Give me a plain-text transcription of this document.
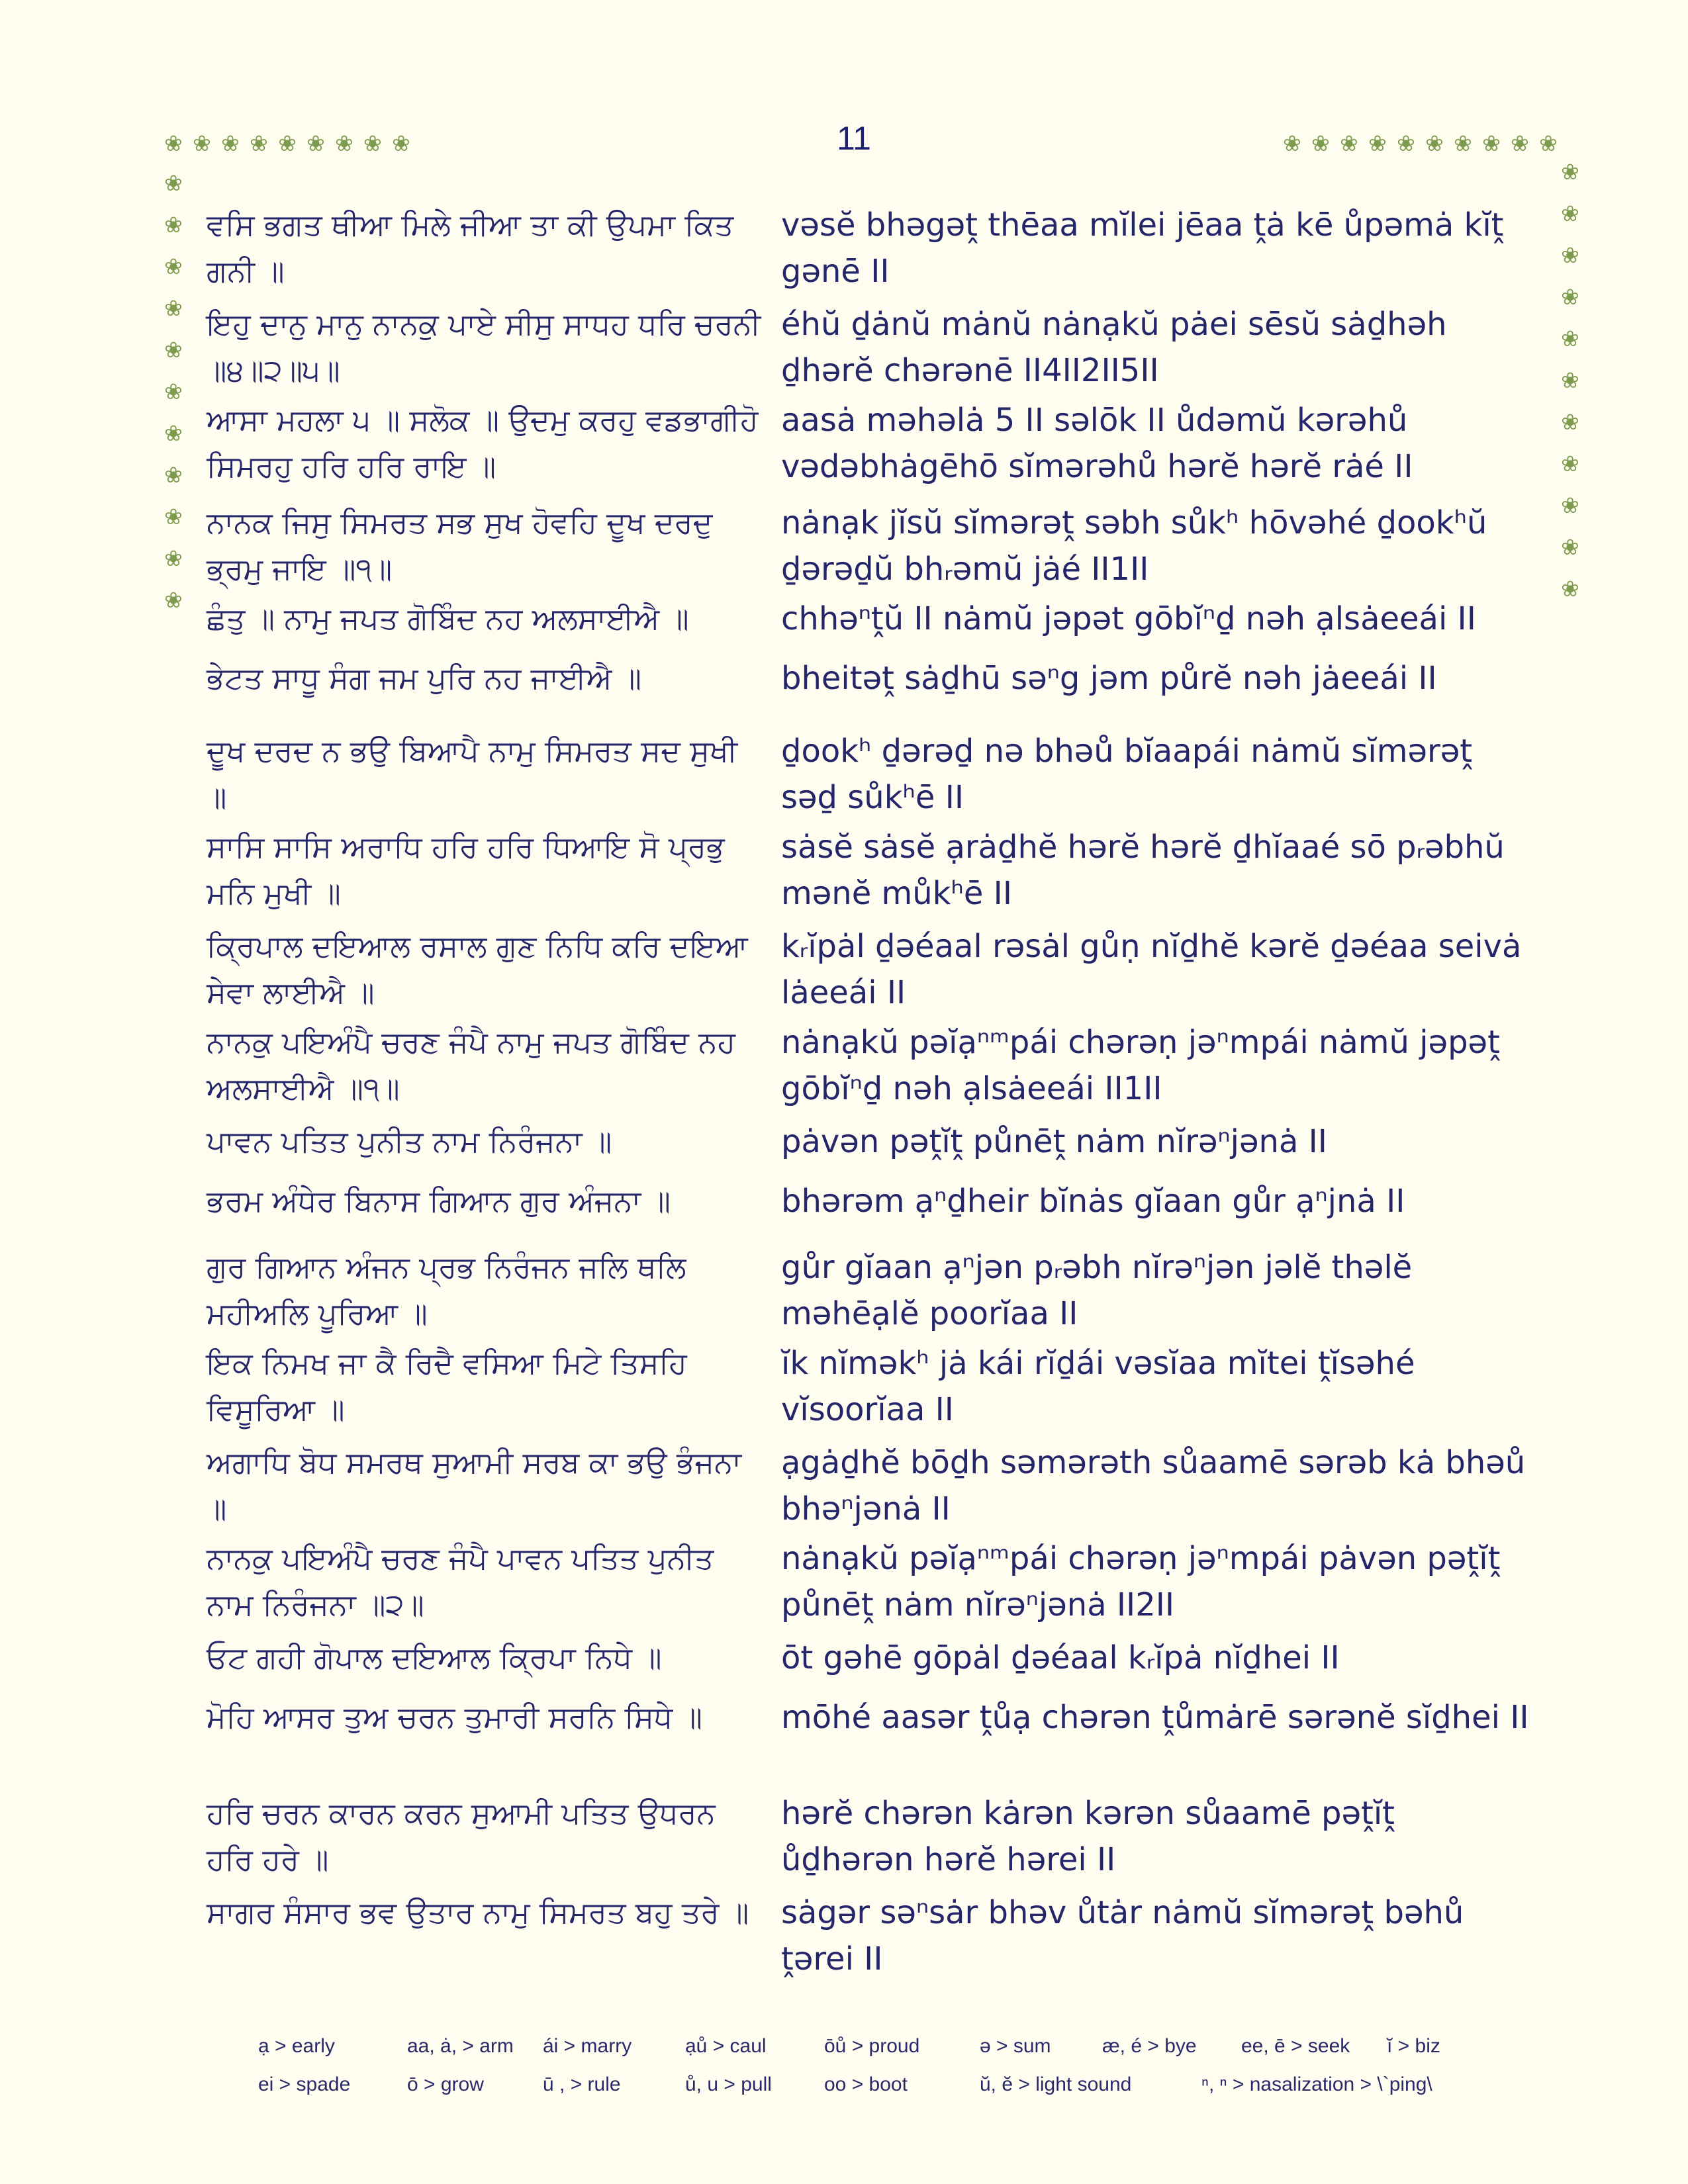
11
❀ ❀ ❀ ❀ ❀ ❀ ❀ ❀ ❀	❀ ❀ ❀ ❀ ❀ ❀ ❀ ❀ ❀ ❀
❀
❀
❀
❀
❀
❀
❀
❀
❀
❀
❀
❀
❀
❀
❀
❀
❀
❀
❀
❀
❀
❀
ਵਸਿ ਭਗਤ ਥੀਆ ਮਿਲੇ ਜੀਆ ਤਾ ਕੀ ਉਪਮਾ ਕਿਤ ਗਨੀ ॥
vəsĕ bhəgəṱ thēaa mĭlei jēaa ṱȧ kē ůpəmȧ kĭṱ gənē II
ਇਹੁ ਦਾਨੁ ਮਾਨੁ ਨਾਨਕੁ ਪਾਏ ਸੀਸੁ ਸਾਧਹ ਧਰਿ ਚਰਨੀ ॥੪॥੨॥੫॥
éhŭ ḏȧnŭ mȧnŭ nȧnạkŭ pȧei sēsŭ sȧḏhəh ḏhərĕ chərənē II4II2II5II
ਆਸਾ ਮਹਲਾ ੫ ॥ ਸਲੋਕ ॥ ਉਦਮੁ ਕਰਹੁ ਵਡਭਾਗੀਹੋ ਸਿਮਰਹੁ ਹਰਿ ਹਰਿ ਰਾਇ ॥
aasȧ məhəlȧ 5 II səlōk II ůdəmŭ kərəhů vədəbhȧgēhō sĭmərəhů hərĕ hərĕ rȧé II
ਨਾਨਕ ਜਿਸੁ ਸਿਮਰਤ ਸਭ ਸੁਖ ਹੋਵਹਿ ਦੂਖ ਦਰਦੁ ਭ੍ਰਮੁ ਜਾਇ ॥੧॥
nȧnạk jĭsŭ sĭmərəṱ səbh sůkʰ hōvəhé ḏookʰŭ ḏərəḏŭ bhᵣəmŭ jȧé II1II
ਛੰਤੁ ॥ ਨਾਮੁ ਜਪਤ ਗੋਬਿੰਦ ਨਹ ਅਲਸਾਈਐ ॥	chhəⁿṱŭ II nȧmŭ jəpət gōbĭⁿḏ nəh ạlsȧeeái II
ਭੇਟਤ ਸਾਧੂ ਸੰਗ ਜਮ ਪੁਰਿ ਨਹ ਜਾਈਐ ॥	bheitəṱ sȧḏhū səⁿg jəm půrĕ nəh jȧeeái II
ਦੂਖ ਦਰਦ ਨ ਭਉ ਬਿਆਪੈ ਨਾਮੁ ਸਿਮਰਤ ਸਦ ਸੁਖੀ ॥
ḏookʰ ḏərəḏ nə bhəů bĭaapái nȧmŭ sĭmərəṱ səḏ sůkʰē II
ਸਾਸਿ ਸਾਸਿ ਅਰਾਧਿ ਹਰਿ ਹਰਿ ਧਿਆਇ ਸੋ ਪ੍ਰਭੁ ਮਨਿ ਮੁਖੀ ॥
sȧsĕ sȧsĕ ạrȧḏhĕ hərĕ hərĕ ḏhĭaaé sō pᵣəbhŭ mənĕ můkʰē II
ਕ੍ਰਿਪਾਲ ਦਇਆਲ ਰਸਾਲ ਗੁਣ ਨਿਧਿ ਕਰਿ ਦਇਆ ਸੇਵਾ ਲਾਈਐ ॥
kᵣĭpȧl ḏəéaal rəsȧl gůṇ nĭḏhĕ kərĕ ḏəéaa seivȧ lȧeeái II
ਨਾਨਕੁ ਪਇਅੰਪੈ ਚਰਣ ਜੰਪੈ ਨਾਮੁ ਜਪਤ ਗੋਬਿੰਦ ਨਹ ਅਲਸਾਈਐ ॥੧॥
nȧnạkŭ pəĭạⁿᵐpái chərəṇ jəⁿmpái nȧmŭ jəpəṱ gōbĭⁿḏ nəh ạlsȧeeái II1II
ਪਾਵਨ ਪਤਿਤ ਪੁਨੀਤ ਨਾਮ ਨਿਰੰਜਨਾ ॥	pȧvən pəṱĭṱ půnēṱ nȧm nĭrəⁿjənȧ II
ਭਰਮ ਅੰਧੇਰ ਬਿਨਾਸ ਗਿਆਨ ਗੁਰ ਅੰਜਨਾ ॥	bhərəm ạⁿḏheir bĭnȧs gĭaan gůr ạⁿjnȧ II
ਗੁਰ ਗਿਆਨ ਅੰਜਨ ਪ੍ਰਭ ਨਿਰੰਜਨ ਜਲਿ ਥਲਿ ਮਹੀਅਲਿ ਪੂਰਿਆ ॥
gůr gĭaan ạⁿjən pᵣəbh nĭrəⁿjən jəlĕ thəlĕ məhēạlĕ poorĭaa II
ਇਕ ਨਿਮਖ ਜਾ ਕੈ ਰਿਦੈ ਵਸਿਆ ਮਿਟੇ ਤਿਸਹਿ ਵਿਸੂਰਿਆ ॥
ĭk nĭməkʰ jȧ kái rĭḏái vəsĭaa mĭtei ṱĭsəhé vĭsoorĭaa II
ਅਗਾਧਿ ਬੋਧ ਸਮਰਥ ਸੁਆਮੀ ਸਰਬ ਕਾ ਭਉ ਭੰਜਨਾ ॥
ạgȧḏhĕ bōḏh səmərəth sůaamē sərəb kȧ bhəů bhəⁿjənȧ II
ਨਾਨਕੁ ਪਇਅੰਪੈ ਚਰਣ ਜੰਪੈ ਪਾਵਨ ਪਤਿਤ ਪੁਨੀਤ ਨਾਮ ਨਿਰੰਜਨਾ ॥੨॥
nȧnạkŭ pəĭạⁿᵐpái chərəṇ jəⁿmpái pȧvən pəṱĭṱ půnēṱ nȧm nĭrəⁿjənȧ II2II
ਓਟ ਗਹੀ ਗੋਪਾਲ ਦਇਆਲ ਕ੍ਰਿਪਾ ਨਿਧੇ ॥	ōt gəhē gōpȧl ḏəéaal kᵣĭpȧ nĭḏhei II
ਮੋਹਿ ਆਸਰ ਤੁਅ ਚਰਨ ਤੁਮਾਰੀ ਸਰਨਿ ਸਿਧੇ ॥	mōhé aasər ṱůạ chərən ṱůmȧrē sərənĕ sĭḏhei II
ਹਰਿ ਚਰਨ ਕਾਰਨ ਕਰਨ ਸੁਆਮੀ ਪਤਿਤ ਉਧਰਨ ਹਰਿ ਹਰੇ ॥
hərĕ chərən kȧrən kərən sůaamē pəṱĭṱ ůḏhərən hərĕ hərei II
ਸਾਗਰ ਸੰਸਾਰ ਭਵ ਉਤਾਰ ਨਾਮੁ ਸਿਮਰਤ ਬਹੁ ਤਰੇ ॥	sȧgər səⁿsȧr bhəv ůtȧr nȧmŭ sĭmərəṱ bəhů ṱərei II
ạ > early	aa, ȧ, > arm ái > marry	ạů > caul	ōů > proud	ə > sum	æ, é > bye ee, ē > seek ĭ > biz
ei > spade	ō > grow	ū , > rule	ů, u > pull	oo > boot	ŭ, ĕ > light sound	ⁿ, ⁿ > nasalization > \`ping\
